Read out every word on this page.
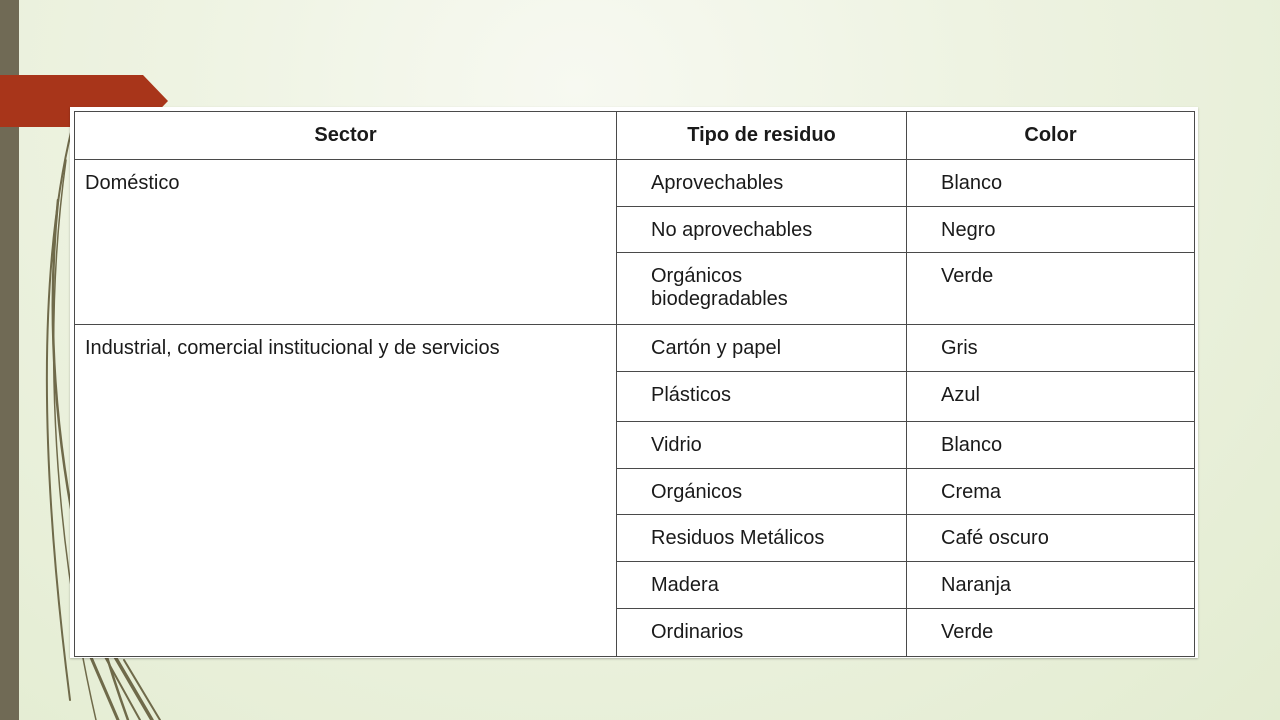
Sector	Tipo de residuo	Color
Doméstico	Aprovechables	Blanco
	No aprovechables	Negro
	Orgánicos biodegradables	Verde
Industrial, comercial institucional y de servicios	Cartón y papel	Gris
	Plásticos	Azul
	Vidrio	Blanco
	Orgánicos	Crema
	Residuos Metálicos	Café oscuro
	Madera	Naranja
	Ordinarios	Verde
